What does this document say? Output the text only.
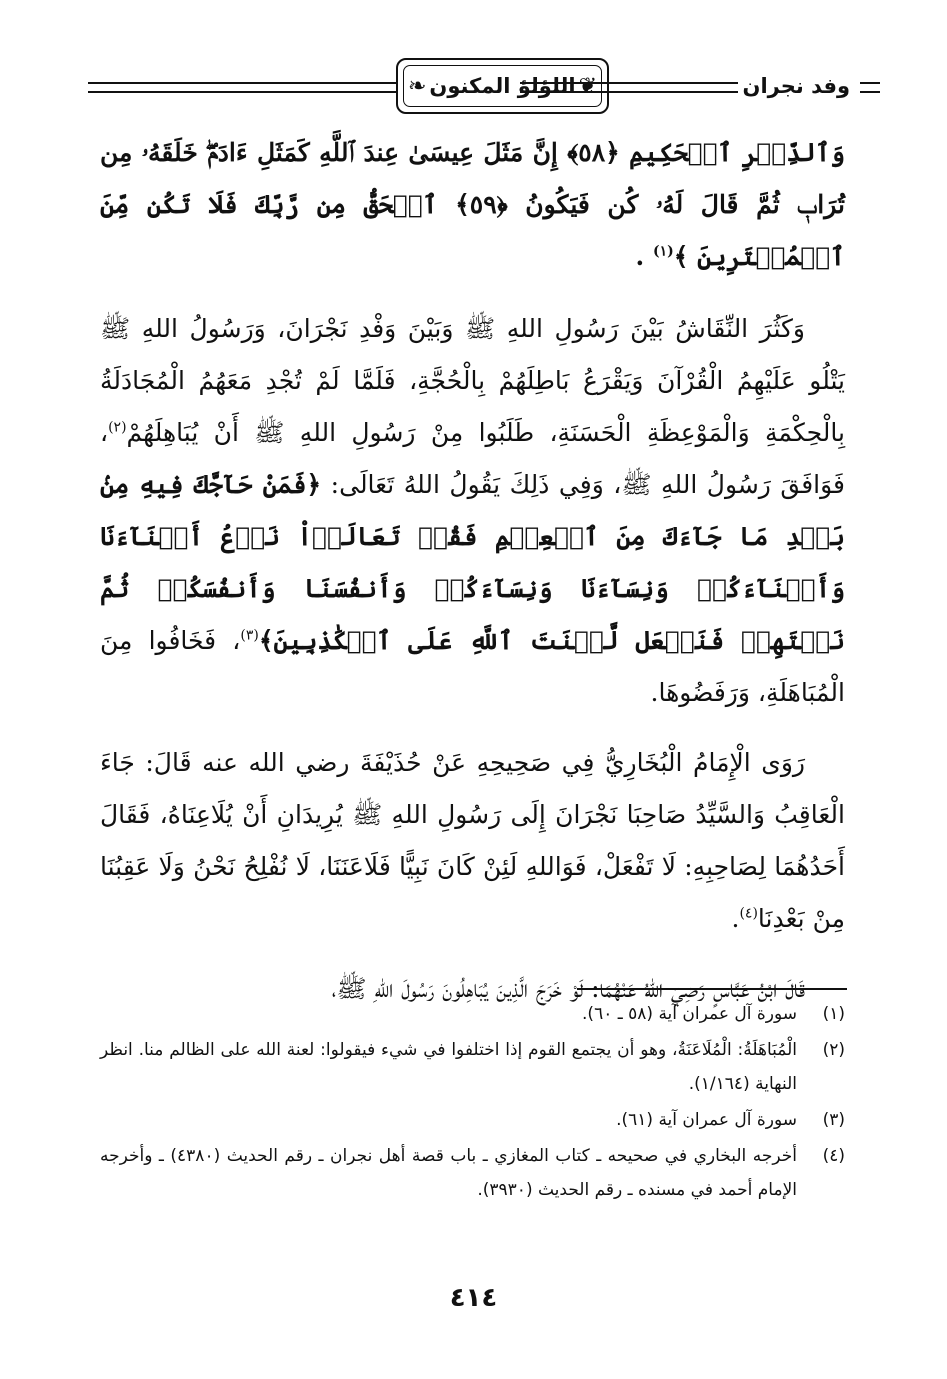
وفد نجران
❦
اللؤلؤ المكنون
❧

وَٱلذِّكۡرِ ٱلۡحَكِيمِ ﴿٥٨﴾ إِنَّ مَثَلَ عِيسَىٰ عِندَ ٱللَّهِ كَمَثَلِ ءَادَمَۖ خَلَقَهُۥ مِن تُرَابٖ ثُمَّ قَالَ لَهُۥ كُن فَيَكُونُ ﴿٥٩﴾ ٱلۡحَقُّ مِن رَّبِّكَ فَلَا تَكُن مِّنَ ٱلۡمُمۡتَرِينَ ﴾$^{(١)}$ .

وَكَثُرَ النِّقَاشُ بَيْنَ رَسُولِ اللهِ ﷺ وَبَيْنَ وَفْدِ نَجْرَانَ، وَرَسُولُ اللهِ ﷺ يَتْلُو عَلَيْهِمُ الْقُرْآنَ وَيَقْرَعُ بَاطِلَهُمْ بِالْحُجَّةِ، فَلَمَّا لَمْ تُجْدِ مَعَهُمُ الْمُجَادَلَةُ بِالْحِكْمَةِ وَالْمَوْعِظَةِ الْحَسَنَةِ، طَلَبُوا مِنْ رَسُولِ اللهِ ﷺ أَنْ يُبَاهِلَهُمْ$^{(٢)}$، فَوَافَقَ رَسُولُ اللهِ ﷺ، وَفِي ذَلِكَ يَقُولُ اللهُ تَعَالَى: ﴿فَمَنْ حَآجَّكَ فِيهِ مِنۢ بَعۡدِ مَا جَآءَكَ مِنَ ٱلۡعِلۡمِ فَقُلۡ تَعَالَوۡاْ نَدۡعُ أَبۡنَآءَنَا وَأَبۡنَآءَكُمۡ وَنِسَآءَنَا وَنِسَآءَكُمۡ وَأَنفُسَنَا وَأَنفُسَكُمۡ ثُمَّ نَبۡتَهِلۡ فَنَجۡعَل لَّعۡنَتَ ٱللَّهِ عَلَى ٱلۡكَٰذِبِينَ﴾$^{(٣)}$، فَخَافُوا مِنَ الْمُبَاهَلَةِ، وَرَفَضُوهَا.

رَوَى الْإِمَامُ الْبُخَارِيُّ فِي صَحِيحِهِ عَنْ حُذَيْفَةَ رضي الله عنه قَالَ: جَاءَ الْعَاقِبُ وَالسَّيِّدُ صَاحِبَا نَجْرَانَ إِلَى رَسُولِ اللهِ ﷺ يُرِيدَانِ أَنْ يُلَاعِنَاهُ، فَقَالَ أَحَدُهُمَا لِصَاحِبِهِ: لَا تَفْعَلْ، فَوَاللهِ لَئِنْ كَانَ نَبِيًّا فَلَاعَنَنَا، لَا نُفْلِحُ نَحْنُ وَلَا عَقِبُنَا مِنْ بَعْدِنَا$^{(٤)}$.

قَالَ ابْنُ عَبَّاسٍ رَضِيَ اللهُ عَنْهُمَا: لَوْ خَرَجَ الَّذِينَ يُبَاهِلُونَ رَسُولَ اللهِ ﷺ،

(١)
سورة آل عمران آية (٥٨ ـ ٦٠).
(٢)
الْمُبَاهَلَةُ: الْمُلَاعَنَةُ، وهو أن يجتمع القوم إذا اختلفوا في شيء فيقولوا: لعنة الله على الظالم منا. انظر النهاية (١/١٦٤).
(٣)
سورة آل عمران آية (٦١).
(٤)
أخرجه البخاري في صحيحه ـ كتاب المغازي ـ باب قصة أهل نجران ـ رقم الحديث (٤٣٨٠) ـ وأخرجه الإمام أحمد في مسنده ـ رقم الحديث (٣٩٣٠).
٤١٤
